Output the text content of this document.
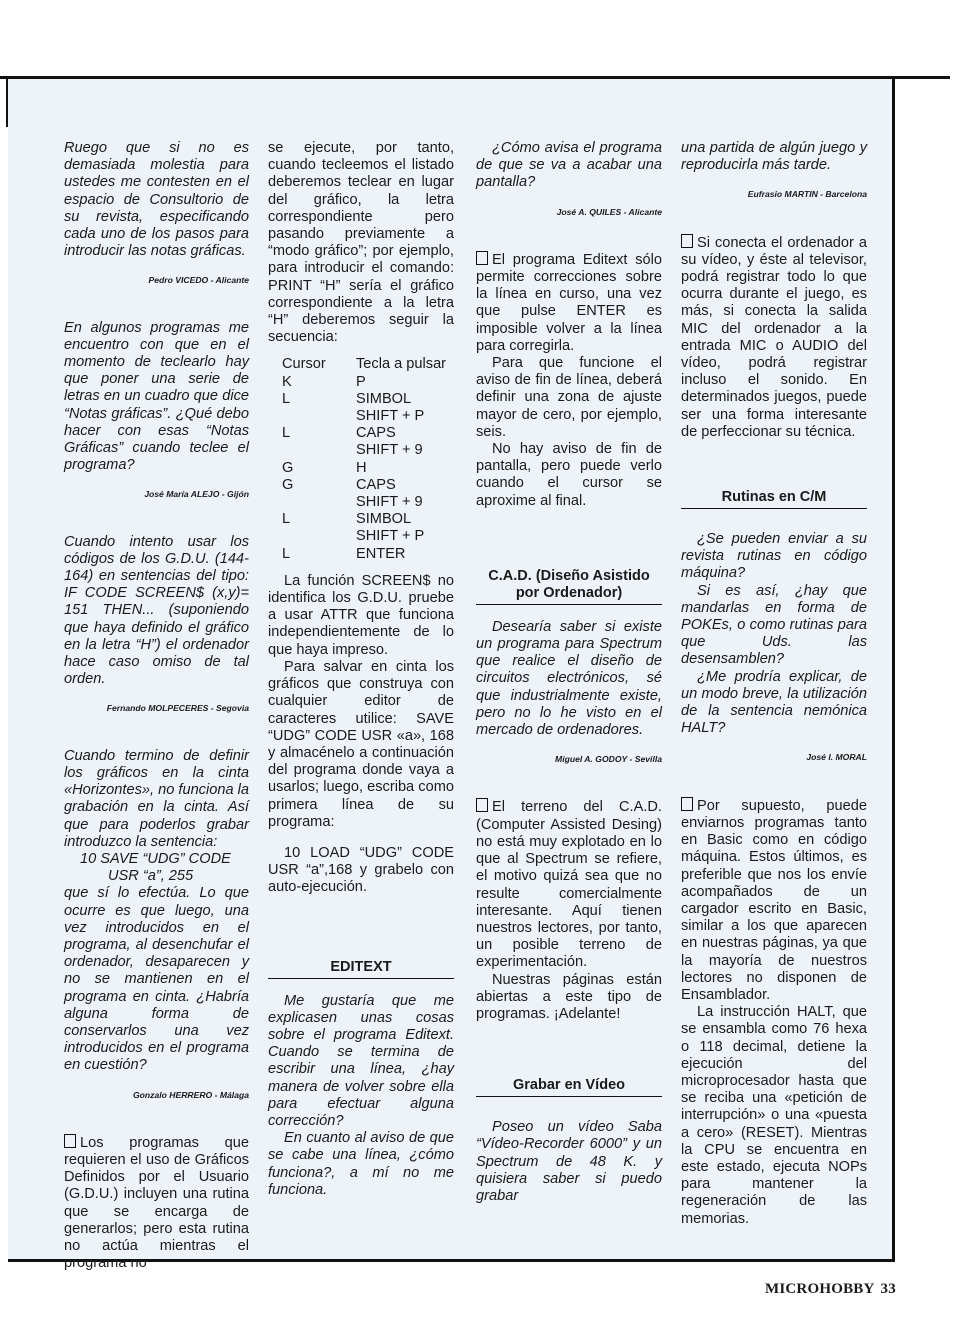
Ruego que si no es demasiada molestia para ustedes me contesten en el espacio de Consultorio de su revista, especificando cada uno de los pasos para introducir las notas gráficas.

Pedro VICEDO - Alicante

En algunos programas me encuentro con que en el momento de teclearlo hay que poner una serie de letras en un cuadro que dice “Notas gráficas”. ¿Qué debo hacer con esas “Notas Gráficas” cuando teclee el programa?

José María ALEJO - Gijón

Cuando intento usar los códigos de los G.D.U. (144-164) en sentencias del tipo: IF CODE SCREEN$ (x,y)= 151 THEN... (suponiendo que haya definido el gráfico en la letra “H”) el ordenador hace caso omiso de tal orden.

Fernando MOLPECERES - Segovia

Cuando termino de definir los gráficos en la cinta «Horizontes», no funciona la grabación en la cinta. Así que para poderlos grabar introduzco la sentencia:

10 SAVE “UDG” CODE

USR “a”, 255

que sí lo efectúa. Lo que ocurre es que luego, una vez introducidos en el programa, al desenchufar el ordenador, desaparecen y no se mantienen en el programa en cinta. ¿Habría alguna forma de conservarlos una vez introducidos en el programa en cuestión?

Gonzalo HERRERO - Málaga

Los programas que requieren el uso de Gráficos Definidos por el Usuario (G.D.U.) incluyen una rutina que se encarga de generarlos; pero esta rutina no actúa mientras el programa no

se ejecute, por tanto, cuando tecleemos el listado deberemos teclear en lugar del gráfico, la letra correspondiente pero pasando previamente a “modo gráfico”; por ejemplo, para introducir el comando: PRINT “H” sería el gráfico correspondiente a la letra “H” deberemos seguir la secuencia:

Cursor	Tecla a pulsar
K	P
L	SIMBOL
SHIFT + P
L	CAPS
SHIFT + 9
G	H
G	CAPS
SHIFT + 9
L	SIMBOL
SHIFT + P
L	ENTER

La función SCREEN$ no identifica los G.D.U. pruebe a usar ATTR que funciona independientemente de lo que haya impreso.

Para salvar en cinta los gráficos que construya con cualquier editor de caracteres utilice: SAVE “UDG” CODE USR «a», 168 y almacénelo a continuación del programa donde vaya a usarlos; luego, escriba como primera línea de su programa:

10 LOAD “UDG” CODE USR “a”,168 y grabelo con auto-ejecución.

EDITEXT

Me gustaría que me explicasen unas cosas sobre el programa Editext. Cuando se termina de escribir una línea, ¿hay manera de volver sobre ella para efectuar alguna corrección?

En cuanto al aviso de que se cabe una línea, ¿cómo funciona?, a mí no me funciona.

¿Cómo avisa el programa de que se va a acabar una pantalla?

José A. QUILES - Alicante

El programa Editext sólo permite correcciones sobre la línea en curso, una vez que pulse ENTER es imposible volver a la línea para corregirla.

Para que funcione el aviso de fin de línea, deberá definir una zona de ajuste mayor de cero, por ejemplo, seis.

No hay aviso de fin de pantalla, pero puede verlo cuando el cursor se aproxime al final.

C.A.D. (Diseño Asistido
por Ordenador)

Desearía saber si existe un programa para Spectrum que realice el diseño de circuitos electrónicos, sé que industrialmente existe, pero no lo he visto en el mercado de ordenadores.

Miguel A. GODOY - Sevilla

El terreno del C.A.D. (Computer Assisted Desing) no está muy explotado en lo que al Spectrum se refiere, el motivo quizá sea que no resulte comercialmente interesante. Aquí tienen nuestros lectores, por tanto, un posible terreno de experimentación.

Nuestras páginas están abiertas a este tipo de programas. ¡Adelante!

Grabar en Vídeo

Poseo un vídeo Saba “Vídeo-Recorder 6000” y un Spectrum de 48 K. y quisiera saber si puedo grabar

una partida de algún juego y reproducirla más tarde.

Eufrasio MARTIN - Barcelona

Si conecta el ordenador a su vídeo, y éste al televisor, podrá registrar todo lo que ocurra durante el juego, es más, si conecta la salida MIC del ordenador a la entrada MIC o AUDIO del vídeo, podrá registrar incluso el sonido. En determinados juegos, puede ser una forma interesante de perfeccionar su técnica.

Rutinas en C/M

¿Se pueden enviar a su revista rutinas en código máquina?

Si es así, ¿hay que mandarlas en forma de POKEs, o como rutinas para que Uds. las desensamblen?

¿Me prodría explicar, de un modo breve, la utilización de la sentencia nemónica HALT?

José I. MORAL

Por supuesto, puede enviarnos programas tanto en Basic como en código máquina. Estos últimos, es preferible que nos los envíe acompañados de un cargador escrito en Basic, similar a los que aparecen en nuestras páginas, ya que la mayoría de nuestros lectores no disponen de Ensamblador.

La instrucción HALT, que se ensambla como 76 hexa o 118 decimal, detiene la ejecución del microprocesador hasta que se reciba una «petición de interrupción» o una «puesta a cero» (RESET). Mientras la CPU se encuentra en este estado, ejecuta NOPs para mantener la regeneración de las memorias.

MICROHOBBY 33
